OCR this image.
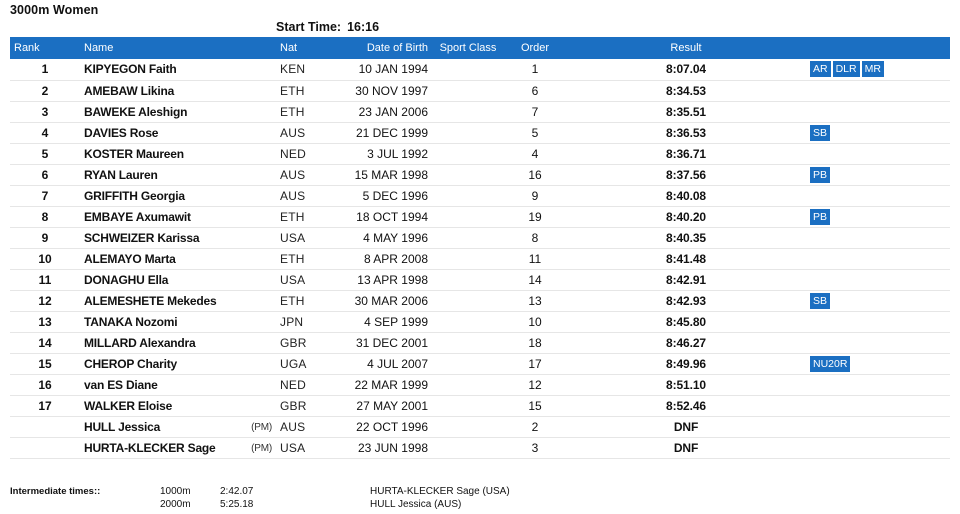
3000m Women
Start Time: 16:16
Rank	Name	Nat	Date of Birth	Sport Class	Order	Result	
1	KIPYEGON Faith	KEN	10 JAN 1994		1	8:07.04	AR DLR MR
2	AMEBAW Likina	ETH	30 NOV 1997		6	8:34.53	
3	BAWEKE Aleshign	ETH	23 JAN 2006		7	8:35.51	
4	DAVIES Rose	AUS	21 DEC 1999		5	8:36.53	SB
5	KOSTER Maureen	NED	3 JUL 1992		4	8:36.71	
6	RYAN Lauren	AUS	15 MAR 1998		16	8:37.56	PB
7	GRIFFITH Georgia	AUS	5 DEC 1996		9	8:40.08	
8	EMBAYE Axumawit	ETH	18 OCT 1994		19	8:40.20	PB
9	SCHWEIZER Karissa	USA	4 MAY 1996		8	8:40.35	
10	ALEMAYO Marta	ETH	8 APR 2008		11	8:41.48	
11	DONAGHU Ella	USA	13 APR 1998		14	8:42.91	
12	ALEMESHETE Mekedes	ETH	30 MAR 2006		13	8:42.93	SB
13	TANAKA Nozomi	JPN	4 SEP 1999		10	8:45.80	
14	MILLARD Alexandra	GBR	31 DEC 2001		18	8:46.27	
15	CHEROP Charity	UGA	4 JUL 2007		17	8:49.96	NU20R
16	van ES Diane	NED	22 MAR 1999		12	8:51.10	
17	WALKER Eloise	GBR	27 MAY 2001		15	8:52.46	
	HULL Jessica (PM)	AUS	22 OCT 1996		2	DNF	
	HURTA-KLECKER Sage (PM)	USA	23 JUN 1998		3	DNF	
Intermediate times::	1000m	2:42.07	HURTA-KLECKER Sage (USA)
2000m	5:25.18	HULL Jessica (AUS)
